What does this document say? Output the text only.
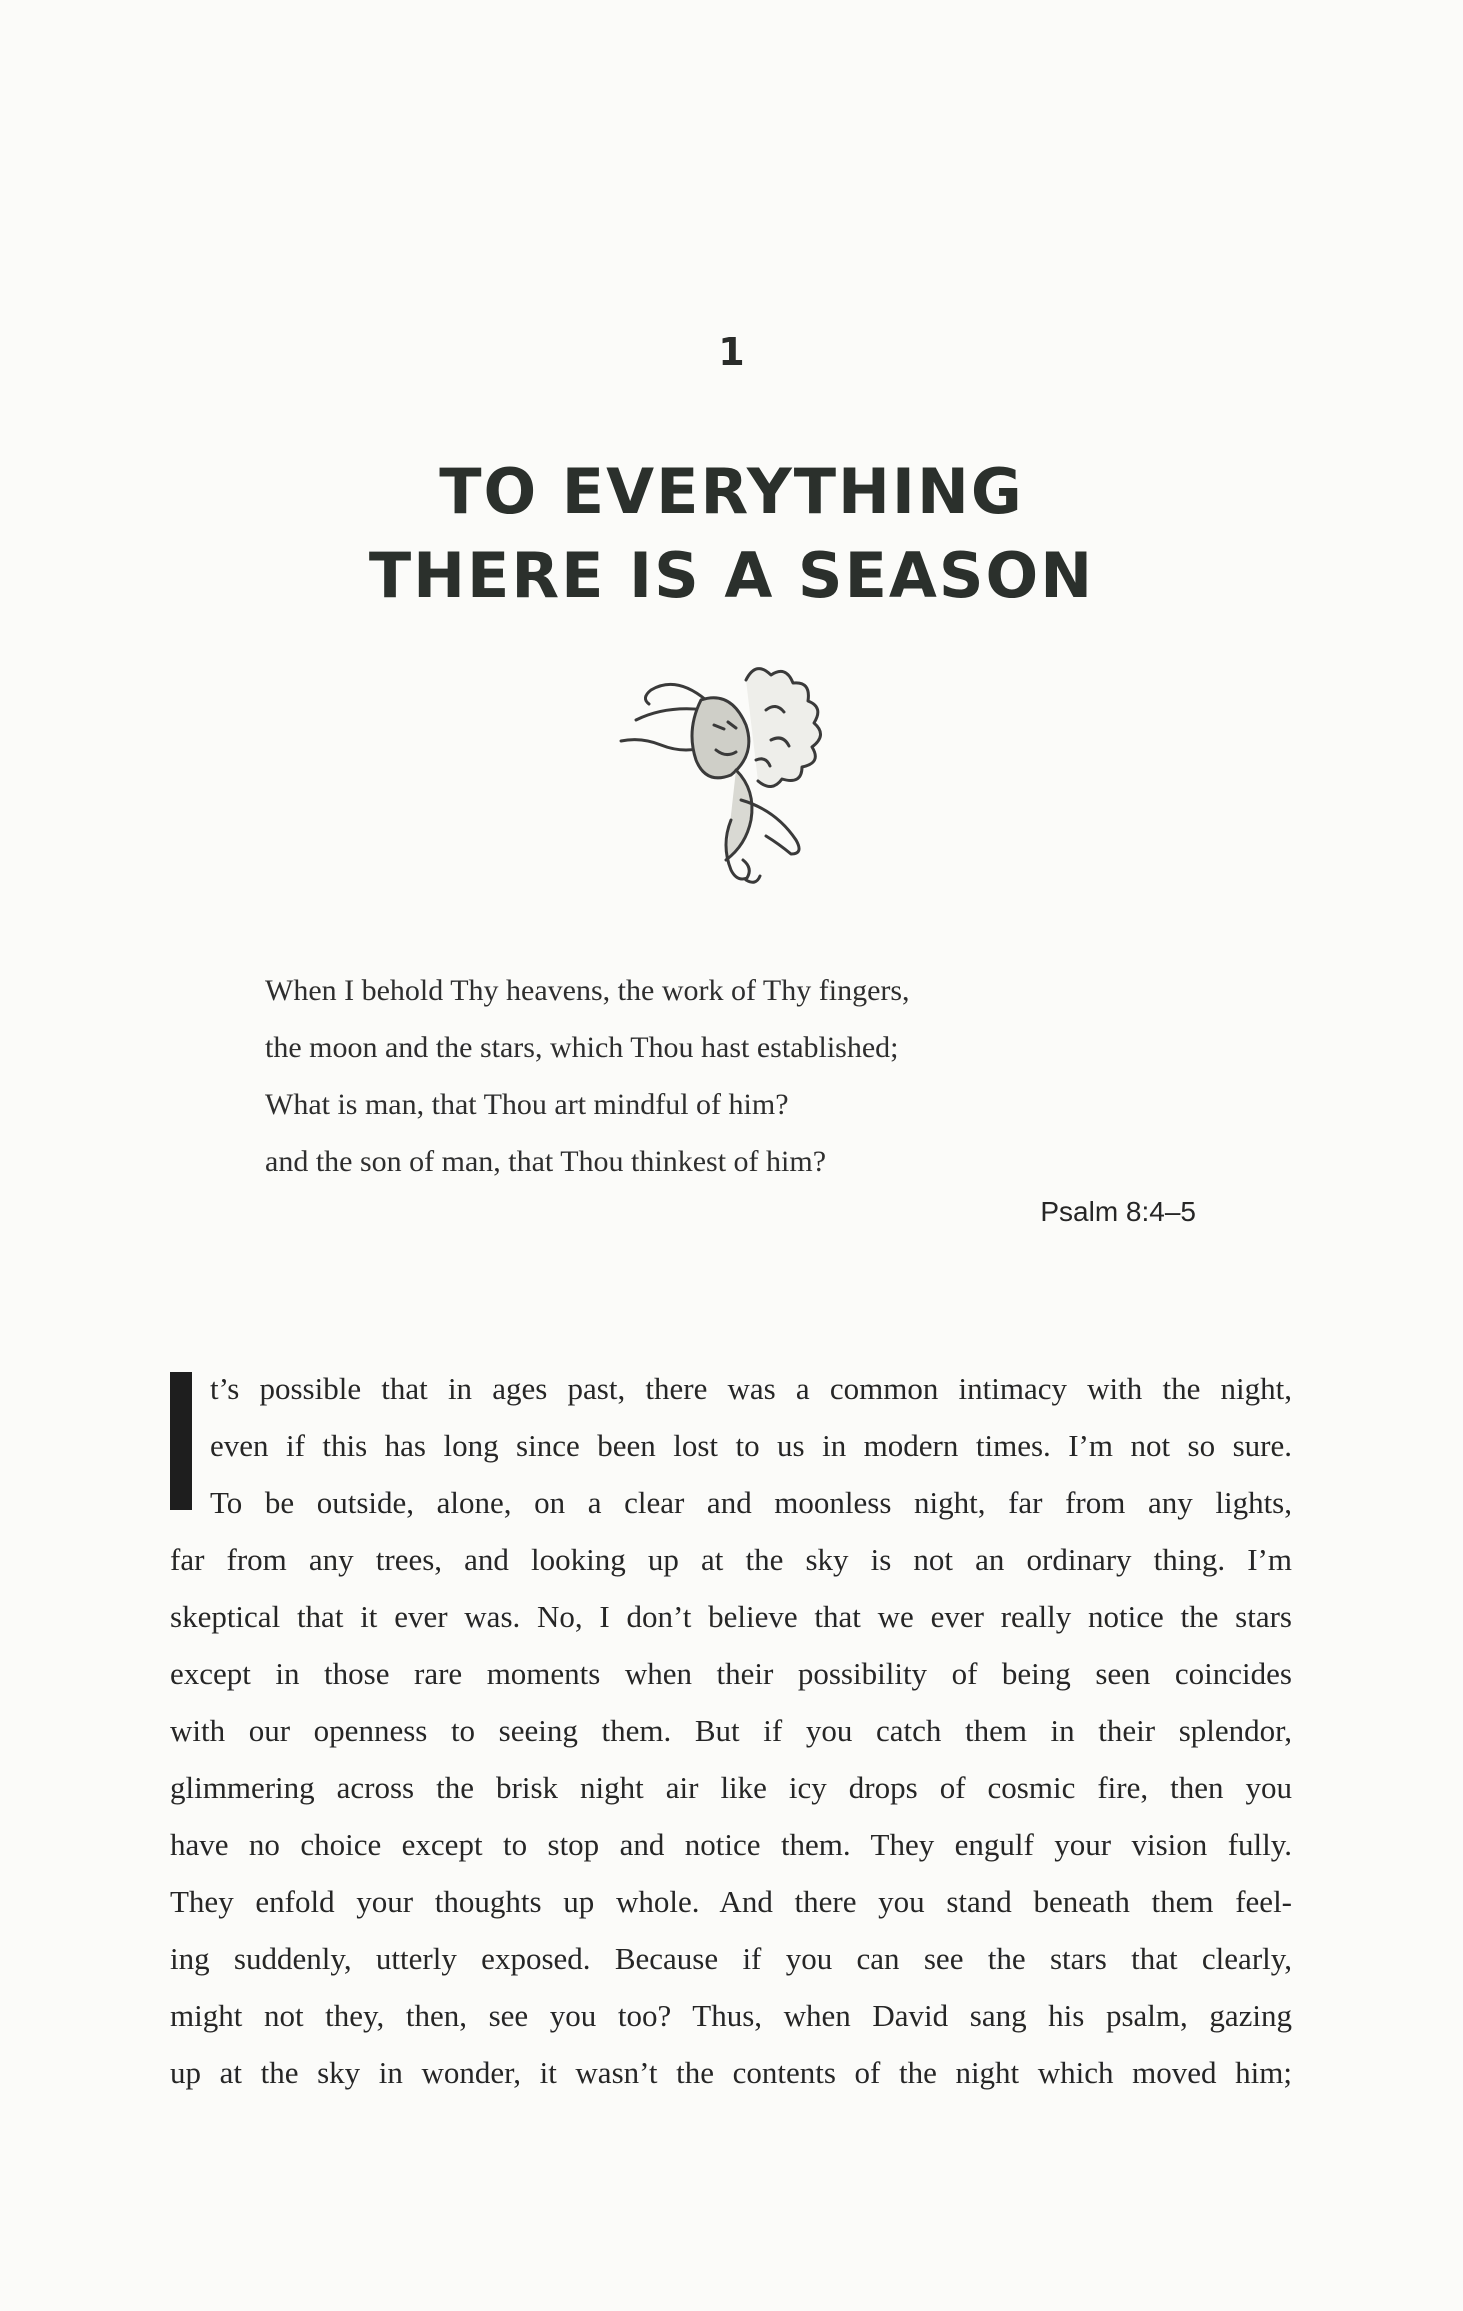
1
TO EVERYTHING
THERE IS A SEASON
When I behold Thy heavens, the work of Thy fingers,
the moon and the stars, which Thou hast established;
What is man, that Thou art mindful of him?
and the son of man, that Thou thinkest of him?
Psalm 8:4–5
t’s possible that in ages past, there was a common intimacy with the night,
even if this has long since been lost to us in modern times. I’m not so sure.
To be outside, alone, on a clear and moonless night, far from any lights,
far from any trees, and looking up at the sky is not an ordinary thing. I’m
skeptical that it ever was. No, I don’t believe that we ever really notice the stars
except in those rare moments when their possibility of being seen coincides
with our openness to seeing them. But if you catch them in their splendor,
glimmering across the brisk night air like icy drops of cosmic fire, then you
have no choice except to stop and notice them. They engulf your vision fully.
They enfold your thoughts up whole. And there you stand beneath them feel-
ing suddenly, utterly exposed. Because if you can see the stars that clearly,
might not they, then, see you too? Thus, when David sang his psalm, gazing
up at the sky in wonder, it wasn’t the contents of the night which moved him;
